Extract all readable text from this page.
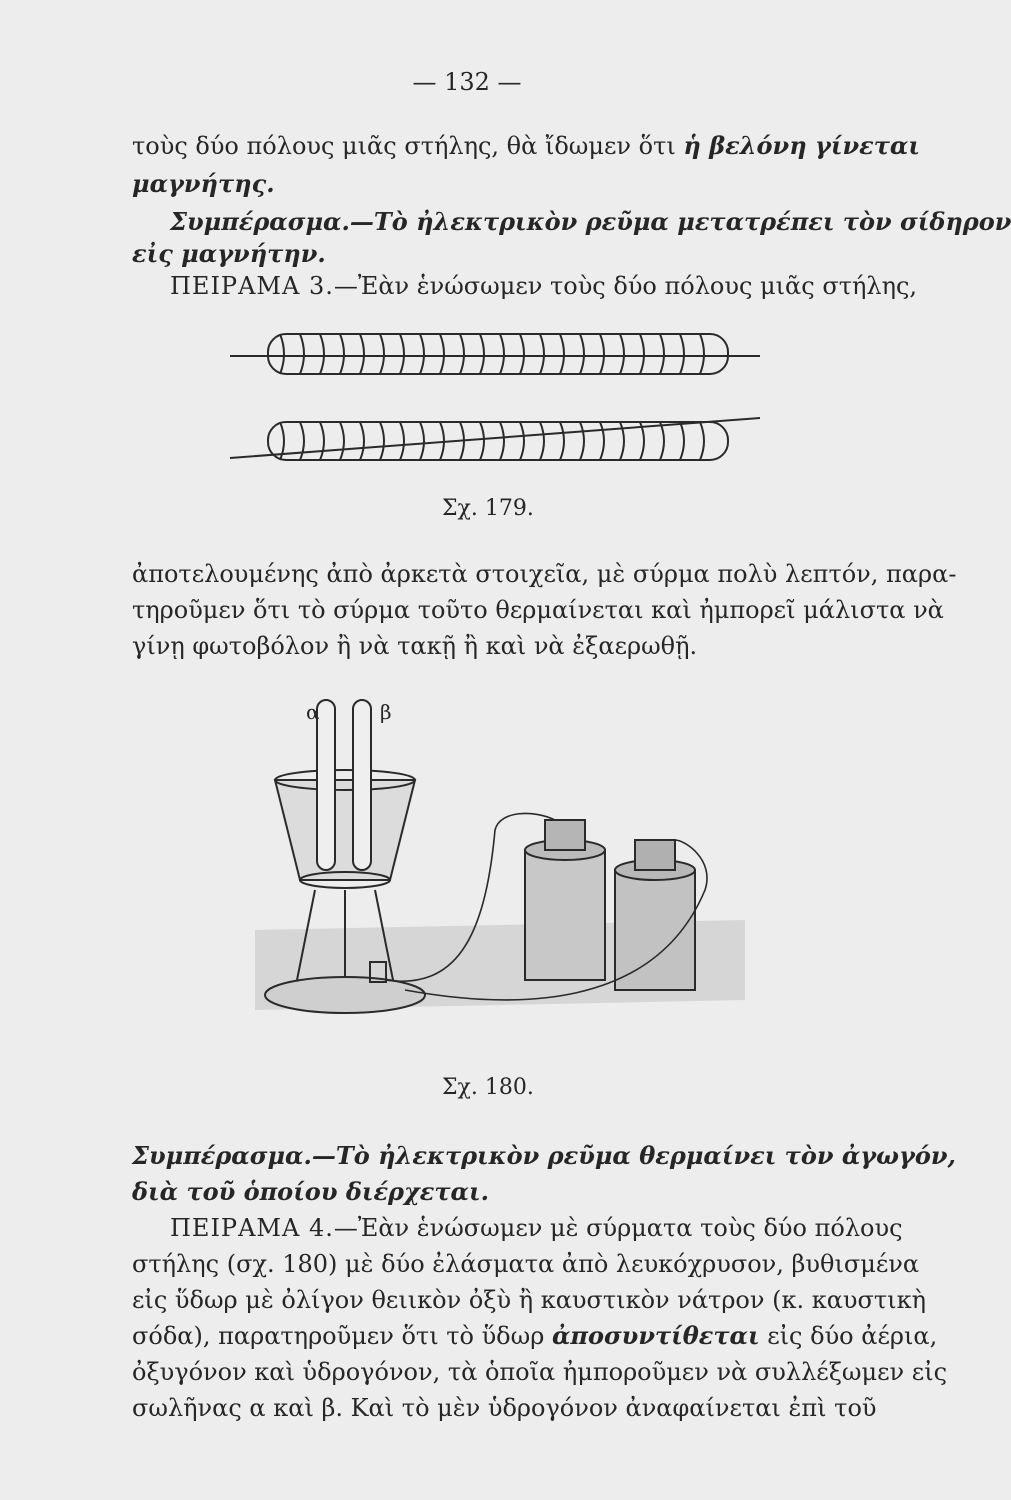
— 132 —
τοὺς δύο πόλους μιᾶς στήλης, θὰ ἴδωμεν ὅτι ἡ βελόνη γίνεται
μαγνήτης.
Συμπέρασμα.—Τὸ ἠλεκτρικὸν ρεῦμα μετατρέπει τὸν σίδηρον
εἰς μαγνήτην.
ΠΕΙΡΑΜΑ 3.—Ἐὰν ἑνώσωμεν τοὺς δύο πόλους μιᾶς στήλης,
Σχ. 179.
ἀποτελουμένης ἀπὸ ἀρκετὰ στοιχεῖα, μὲ σύρμα πολὺ λεπτόν, παρα-
τηροῦμεν ὅτι τὸ σύρμα τοῦτο θερμαίνεται καὶ ἠμπορεῖ μάλιστα νὰ
γίνῃ φωτοβόλον ἢ νὰ τακῇ ἢ καὶ νὰ ἐξαερωθῇ.
α	β
Σχ. 180.
Συμπέρασμα.—Τὸ ἠλεκτρικὸν ρεῦμα θερμαίνει τὸν ἀγωγόν,
διὰ τοῦ ὁποίου διέρχεται.
ΠΕΙΡΑΜΑ 4.—Ἐὰν ἑνώσωμεν μὲ σύρματα τοὺς δύο πόλους
στήλης (σχ. 180) μὲ δύο ἐλάσματα ἀπὸ λευκόχρυσον, βυθισμένα
εἰς ὕδωρ μὲ ὀλίγον θειικὸν ὀξὺ ἢ καυστικὸν νάτρον (κ. καυστικὴ
σόδα), παρατηροῦμεν ὅτι τὸ ὕδωρ ἀποσυντίθεται εἰς δύο ἀέρια,
ὀξυγόνον καὶ ὑδρογόνον, τὰ ὁποῖα ἠμποροῦμεν νὰ συλλέξωμεν εἰς
σωλῆνας α καὶ β. Καὶ τὸ μὲν ὑδρογόνον ἀναφαίνεται ἐπὶ τοῦ
